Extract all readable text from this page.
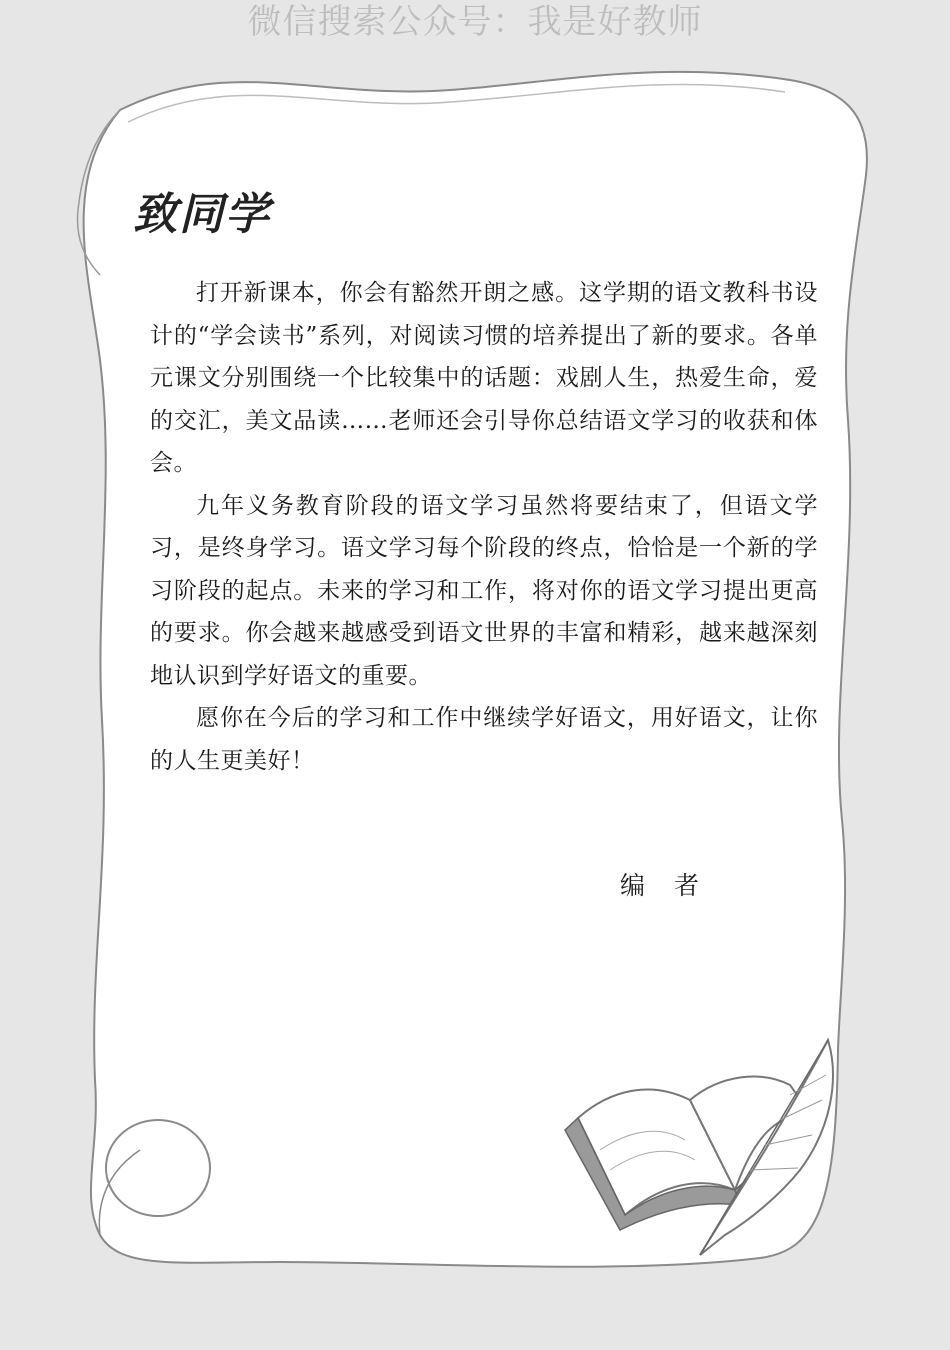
微信搜索公众号：我是好教师
致同学

打开新课本，你会有豁然开朗之感。这学期的语文教科书设计的“学会读书”系列，对阅读习惯的培养提出了新的要求。各单元课文分别围绕一个比较集中的话题：戏剧人生，热爱生命，爱的交汇，美文品读……老师还会引导你总结语文学习的收获和体会。

九年义务教育阶段的语文学习虽然将要结束了，但语文学习，是终身学习。语文学习每个阶段的终点，恰恰是一个新的学习阶段的起点。未来的学习和工作，将对你的语文学习提出更高的要求。你会越来越感受到语文世界的丰富和精彩，越来越深刻地认识到学好语文的重要。

愿你在今后的学习和工作中继续学好语文，用好语文，让你的人生更美好！

编　者
